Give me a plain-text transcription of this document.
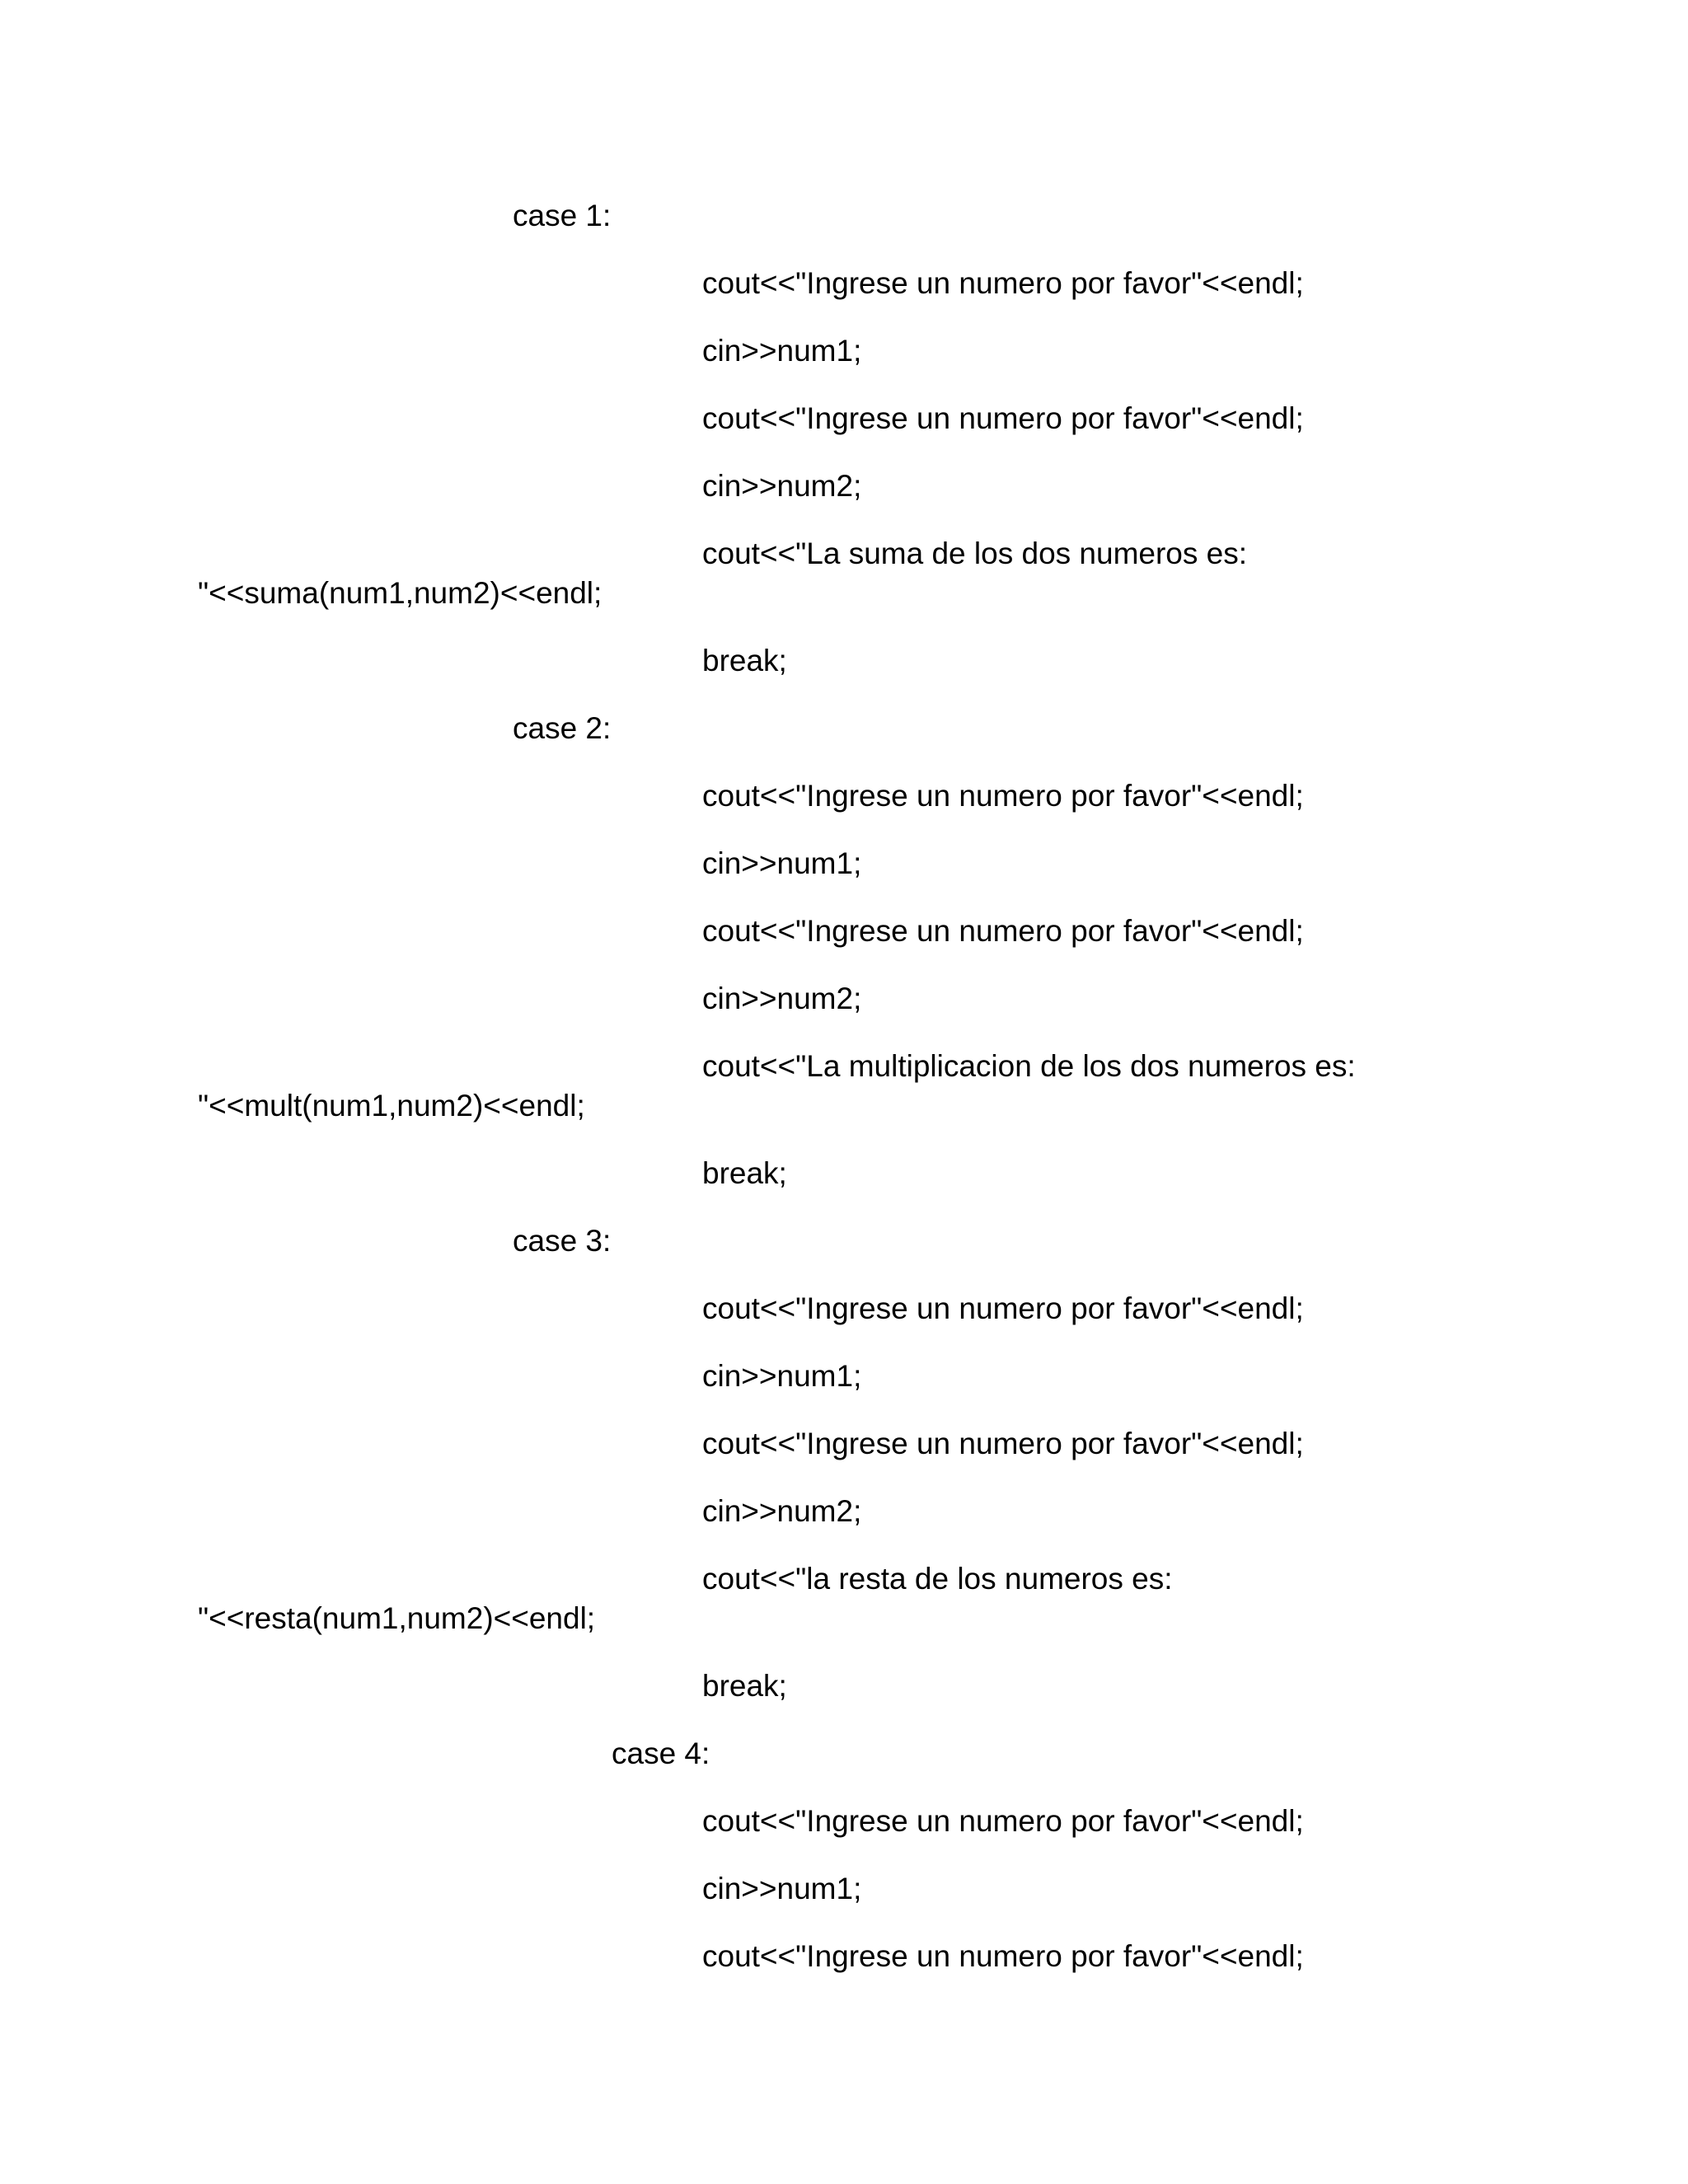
case 1:
cout<<"Ingrese un numero por favor"<<endl;
cin>>num1;
cout<<"Ingrese un numero por favor"<<endl;
cin>>num2;
cout<<"La suma de los dos numeros es:
"<<suma(num1,num2)<<endl;
break;
case 2:
cout<<"Ingrese un numero por favor"<<endl;
cin>>num1;
cout<<"Ingrese un numero por favor"<<endl;
cin>>num2;
cout<<"La multiplicacion de los dos numeros es:
"<<mult(num1,num2)<<endl;
break;
case 3:
cout<<"Ingrese un numero por favor"<<endl;
cin>>num1;
cout<<"Ingrese un numero por favor"<<endl;
cin>>num2;
cout<<"la resta de los numeros es:
"<<resta(num1,num2)<<endl;
break;
case 4:
cout<<"Ingrese un numero por favor"<<endl;
cin>>num1;
cout<<"Ingrese un numero por favor"<<endl;
